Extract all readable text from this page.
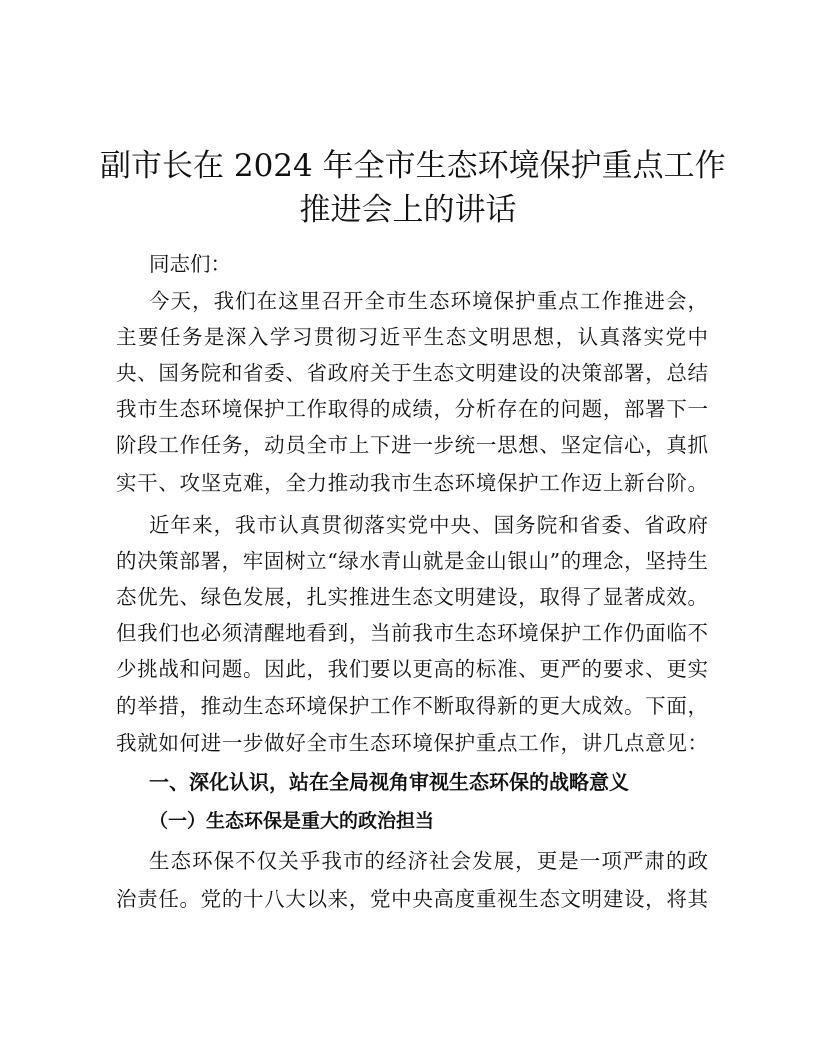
副市长在 2024 年全市生态环境保护重点工作
推进会上的讲话
同志们：
今天，我们在这里召开全市生态环境保护重点工作推进会，
主要任务是深入学习贯彻习近平生态文明思想，认真落实党中
央、国务院和省委、省政府关于生态文明建设的决策部署，总结
我市生态环境保护工作取得的成绩，分析存在的问题，部署下一
阶段工作任务，动员全市上下进一步统一思想、坚定信心，真抓
实干、攻坚克难，全力推动我市生态环境保护工作迈上新台阶。
近年来，我市认真贯彻落实党中央、国务院和省委、省政府
的决策部署，牢固树立“绿水青山就是金山银山”的理念，坚持生
态优先、绿色发展，扎实推进生态文明建设，取得了显著成效。
但我们也必须清醒地看到，当前我市生态环境保护工作仍面临不
少挑战和问题。因此，我们要以更高的标准、更严的要求、更实
的举措，推动生态环境保护工作不断取得新的更大成效。下面，
我就如何进一步做好全市生态环境保护重点工作，讲几点意见：
一、深化认识，站在全局视角审视生态环保的战略意义
（一）生态环保是重大的政治担当
生态环保不仅关乎我市的经济社会发展，更是一项严肃的政
治责任。党的十八大以来，党中央高度重视生态文明建设，将其
